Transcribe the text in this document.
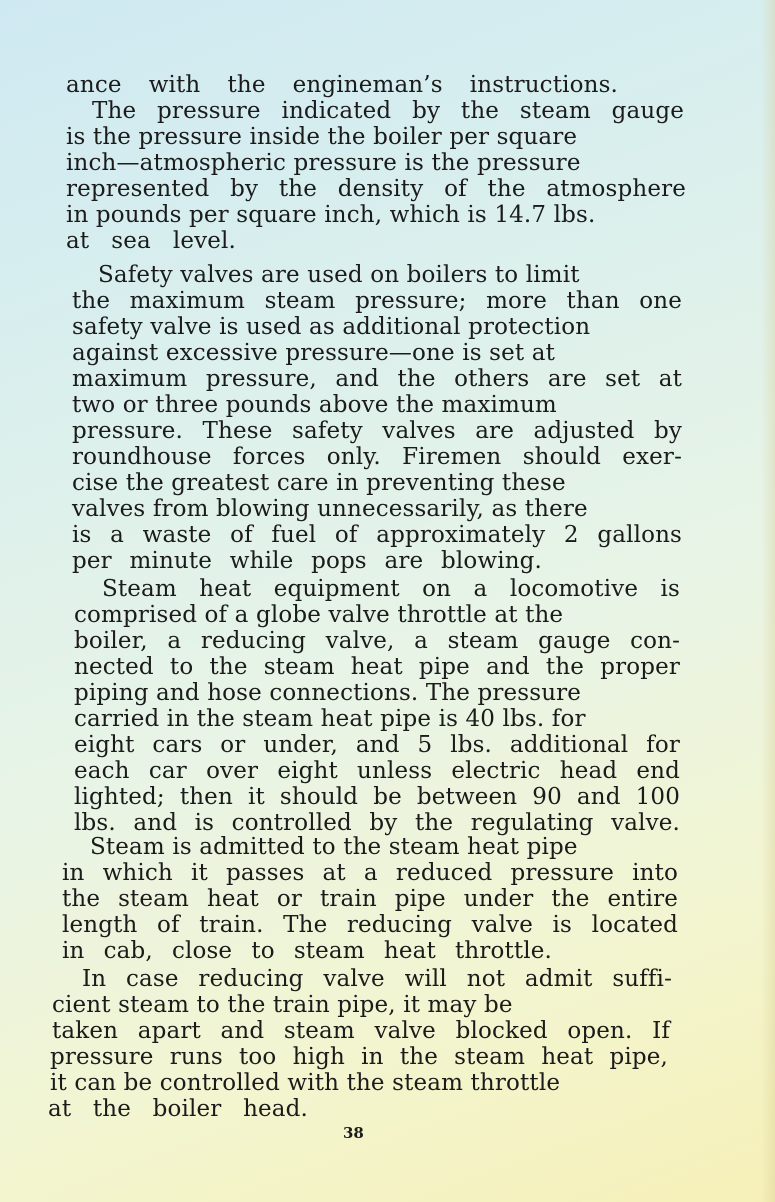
ance with the engineman’s instructions.
The pressure indicated by the steam gauge
is the pressure inside the boiler per square
inch—atmospheric pressure is the pressure
represented by the density of the atmosphere
in pounds per square inch, which is 14.7 lbs.
at sea level.
Safety valves are used on boilers to limit
the maximum steam pressure; more than one
safety valve is used as additional protection
against excessive pressure—one is set at
maximum pressure, and the others are set at
two or three pounds above the maximum
pressure. These safety valves are adjusted by
roundhouse forces only. Firemen should exer-
cise the greatest care in preventing these
valves from blowing unnecessarily, as there
is a waste of fuel of approximately 2 gallons
per minute while pops are blowing.
Steam heat equipment on a locomotive is
comprised of a globe valve throttle at the
boiler, a reducing valve, a steam gauge con-
nected to the steam heat pipe and the proper
piping and hose connections. The pressure
carried in the steam heat pipe is 40 lbs. for
eight cars or under, and 5 lbs. additional for
each car over eight unless electric head end
lighted; then it should be between 90 and 100
lbs. and is controlled by the regulating valve.
Steam is admitted to the steam heat pipe
in which it passes at a reduced pressure into
the steam heat or train pipe under the entire
length of train. The reducing valve is located
in cab, close to steam heat throttle.
In case reducing valve will not admit suffi-
cient steam to the train pipe, it may be
taken apart and steam valve blocked open. If
pressure runs too high in the steam heat pipe,
it can be controlled with the steam throttle
at the boiler head.
38
